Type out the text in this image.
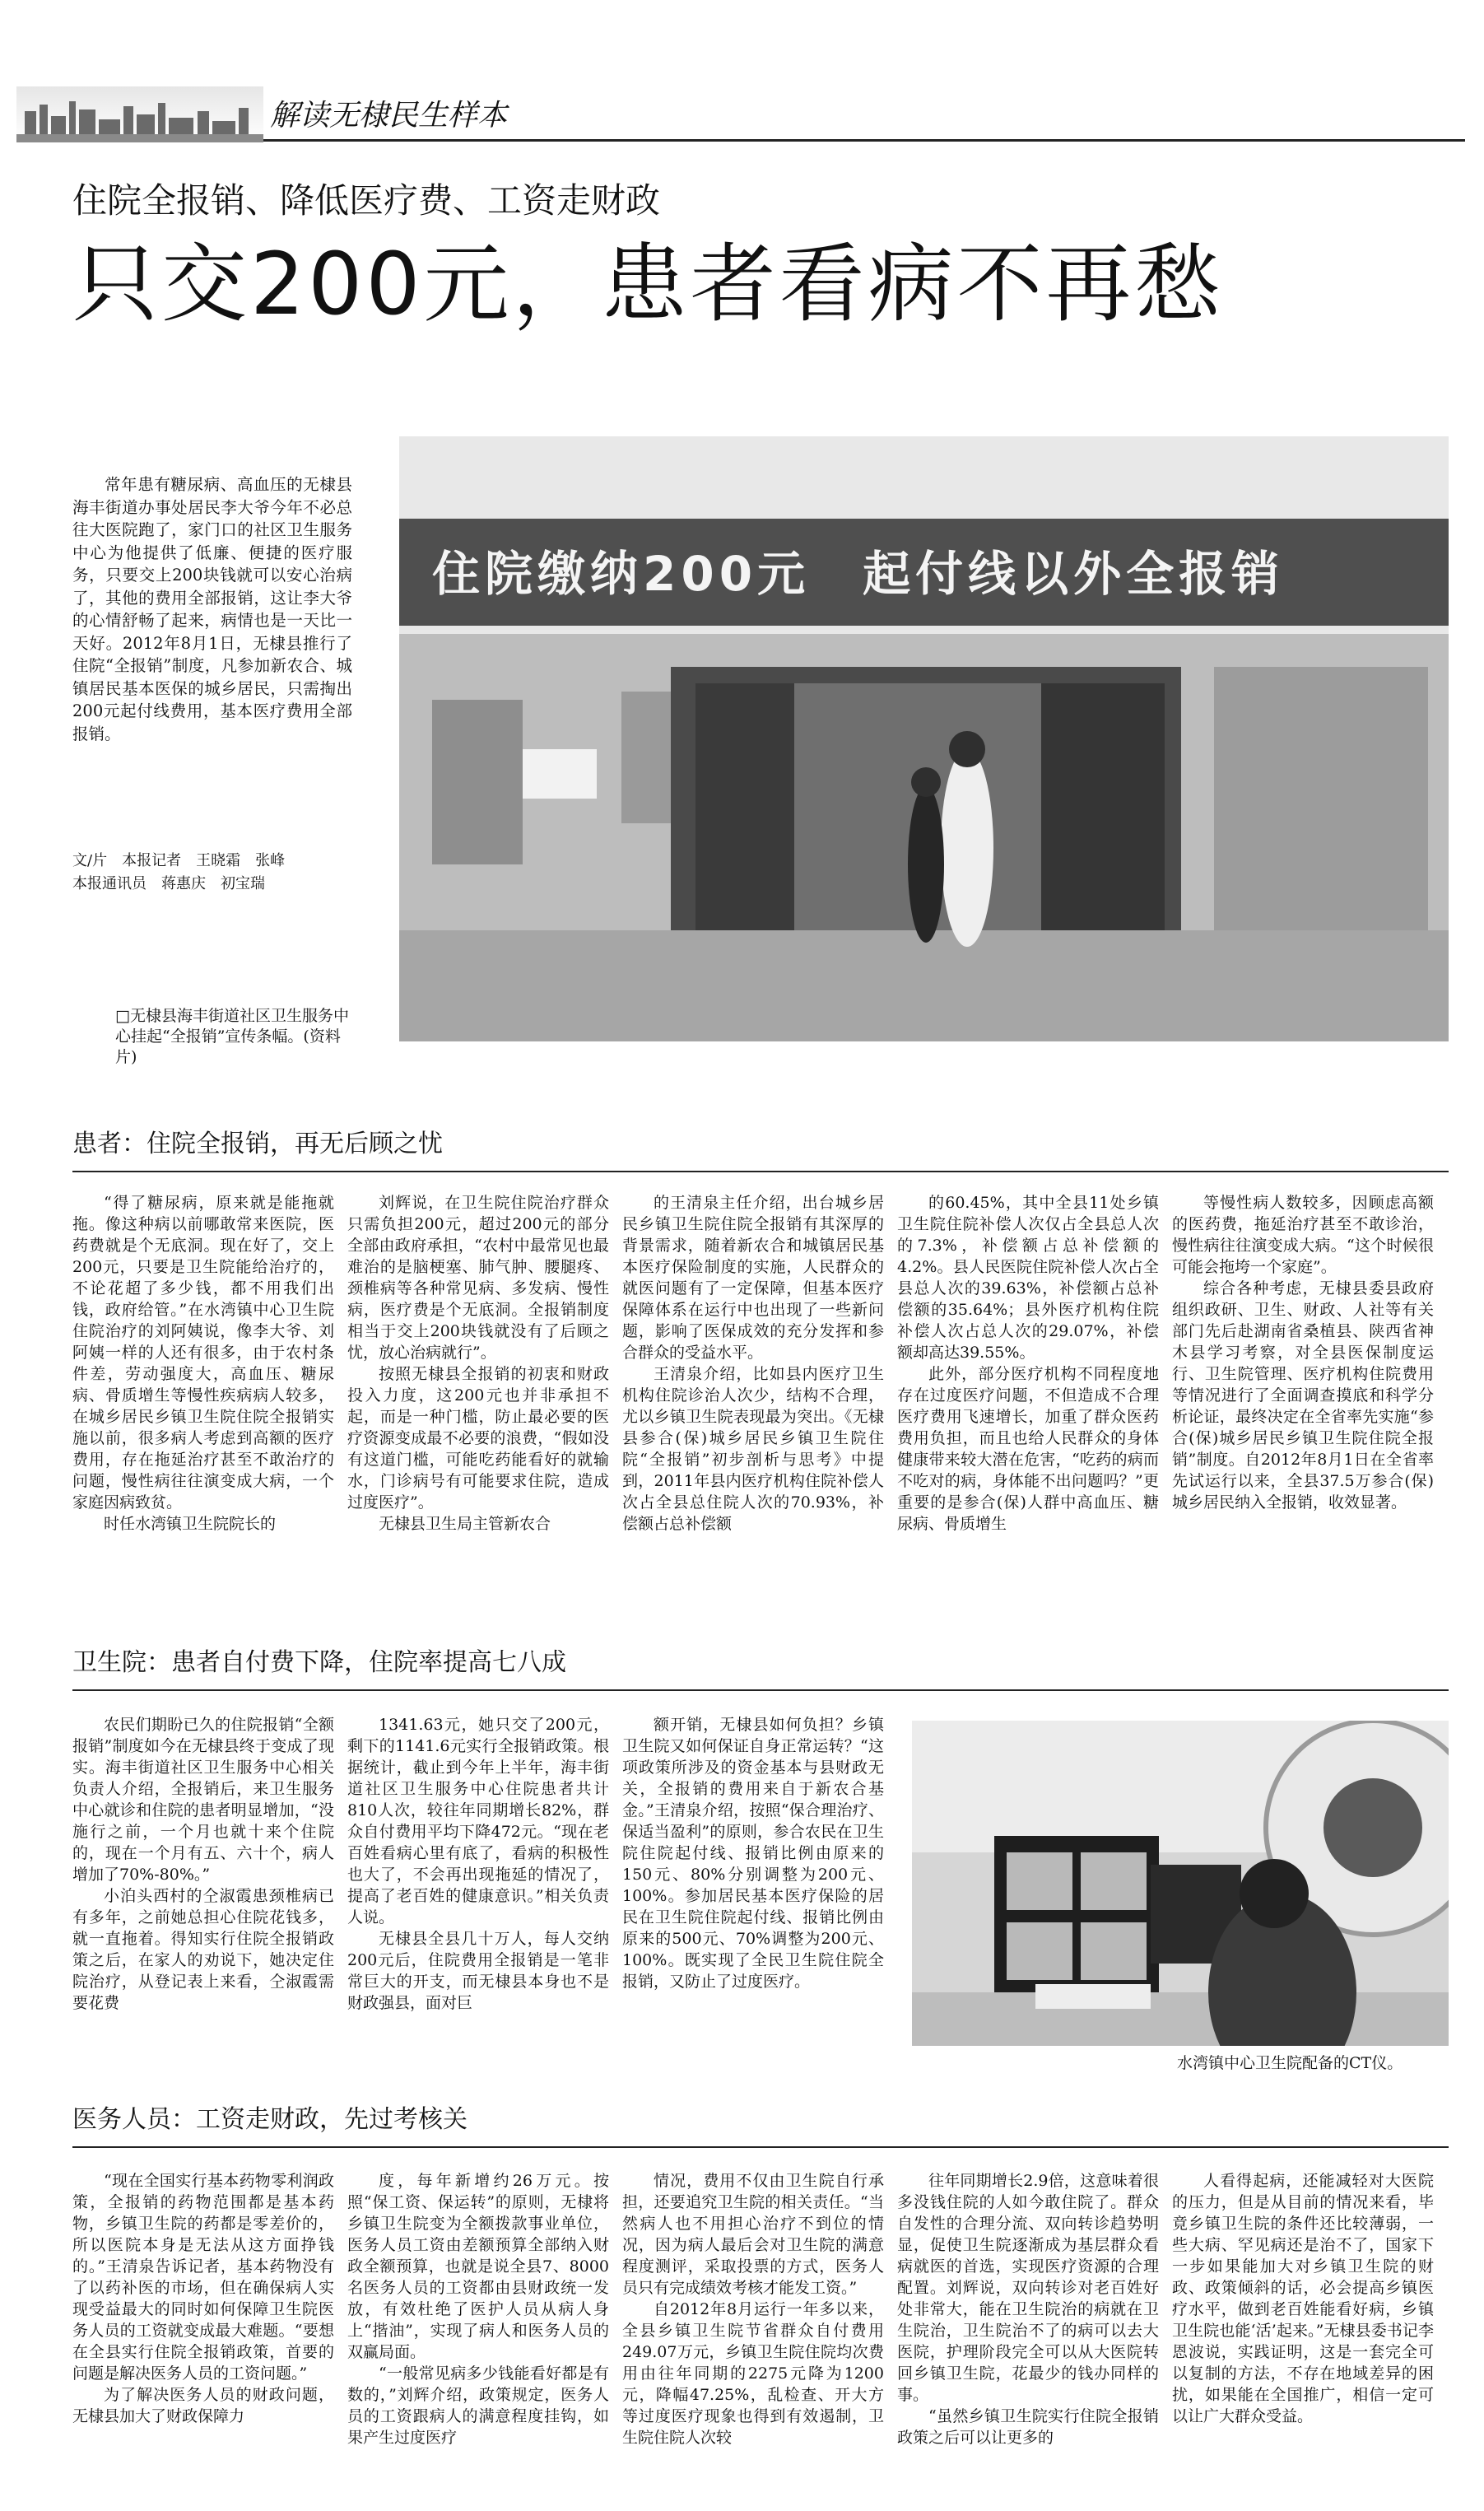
解读无棣民生样本
住院全报销、降低医疗费、工资走财政
只交200元，患者看病不再愁

常年患有糖尿病、高血压的无棣县海丰街道办事处居民李大爷今年不必总往大医院跑了，家门口的社区卫生服务中心为他提供了低廉、便捷的医疗服务，只要交上200块钱就可以安心治病了，其他的费用全部报销，这让李大爷的心情舒畅了起来，病情也是一天比一天好。2012年8月1日，无棣县推行了住院“全报销”制度，凡参加新农合、城镇居民基本医保的城乡居民，只需掏出200元起付线费用，基本医疗费用全部报销。

文/片　本报记者　王晓霜　张峰
本报通讯员　蒋惠庆　初宝瑞
住院缴纳200元　起付线以外全报销
□无棣县海丰街道社区卫生服务中心挂起“全报销”宣传条幅。(资料片)
患者：住院全报销，再无后顾之忧

“得了糖尿病，原来就是能拖就拖。像这种病以前哪敢常来医院，医药费就是个无底洞。现在好了，交上200元，只要是卫生院能给治疗的，不论花超了多少钱，都不用我们出钱，政府给管。”在水湾镇中心卫生院住院治疗的刘阿姨说，像李大爷、刘阿姨一样的人还有很多，由于农村条件差，劳动强度大，高血压、糖尿病、骨质增生等慢性疾病病人较多，在城乡居民乡镇卫生院住院全报销实施以前，很多病人考虑到高额的医疗费用，存在拖延治疗甚至不敢治疗的问题，慢性病往往演变成大病，一个家庭因病致贫。

时任水湾镇卫生院院长的

刘辉说，在卫生院住院治疗群众只需负担200元，超过200元的部分全部由政府承担，“农村中最常见也最难治的是脑梗塞、肺气肿、腰腿疼、颈椎病等各种常见病、多发病、慢性病，医疗费是个无底洞。全报销制度相当于交上200块钱就没有了后顾之忧，放心治病就行”。

按照无棣县全报销的初衷和财政投入力度，这200元也并非承担不起，而是一种门槛，防止最必要的医疗资源变成最不必要的浪费，“假如没有这道门槛，可能吃药能看好的就输水，门诊病号有可能要求住院，造成过度医疗”。

无棣县卫生局主管新农合

的王清泉主任介绍，出台城乡居民乡镇卫生院住院全报销有其深厚的背景需求，随着新农合和城镇居民基本医疗保险制度的实施，人民群众的就医问题有了一定保障，但基本医疗保障体系在运行中也出现了一些新问题，影响了医保成效的充分发挥和参合群众的受益水平。

王清泉介绍，比如县内医疗卫生机构住院诊治人次少，结构不合理，尤以乡镇卫生院表现最为突出。《无棣县参合(保)城乡居民乡镇卫生院住院“全报销”初步剖析与思考》中提到，2011年县内医疗机构住院补偿人次占全县总住院人次的70.93%，补偿额占总补偿额

的60.45%，其中全县11处乡镇卫生院住院补偿人次仅占全县总人次的7.3%，补偿额占总补偿额的4.2%。县人民医院住院补偿人次占全县总人次的39.63%，补偿额占总补偿额的35.64%；县外医疗机构住院补偿人次占总人次的29.07%，补偿额却高达39.55%。

此外，部分医疗机构不同程度地存在过度医疗问题，不但造成不合理医疗费用飞速增长，加重了群众医药费用负担，而且也给人民群众的身体健康带来较大潜在危害，“吃药的病而不吃对的病，身体能不出问题吗？”更重要的是参合(保)人群中高血压、糖尿病、骨质增生

等慢性病人数较多，因顾虑高额的医药费，拖延治疗甚至不敢诊治，慢性病往往演变成大病。“这个时候很可能会拖垮一个家庭”。

综合各种考虑，无棣县委县政府组织政研、卫生、财政、人社等有关部门先后赴湖南省桑植县、陕西省神木县学习考察，对全县医保制度运行、卫生院管理、医疗机构住院费用等情况进行了全面调查摸底和科学分析论证，最终决定在全省率先实施“参合(保)城乡居民乡镇卫生院住院全报销”制度。自2012年8月1日在全省率先试运行以来，全县37.5万参合(保)城乡居民纳入全报销，收效显著。

卫生院：患者自付费下降，住院率提高七八成

农民们期盼已久的住院报销“全额报销”制度如今在无棣县终于变成了现实。海丰街道社区卫生服务中心相关负责人介绍，全报销后，来卫生服务中心就诊和住院的患者明显增加，“没施行之前，一个月也就十来个住院的，现在一个月有五、六十个，病人增加了70%-80%。”

小泊头西村的仝淑霞患颈椎病已有多年，之前她总担心住院花钱多，就一直拖着。得知实行住院全报销政策之后，在家人的劝说下，她决定住院治疗，从登记表上来看，仝淑霞需要花费

1341.63元，她只交了200元，剩下的1141.6元实行全报销政策。根据统计，截止到今年上半年，海丰街道社区卫生服务中心住院患者共计810人次，较往年同期增长82%，群众自付费用平均下降472元。“现在老百姓看病心里有底了，看病的积极性也大了，不会再出现拖延的情况了，提高了老百姓的健康意识。”相关负责人说。

无棣县全县几十万人，每人交纳200元后，住院费用全报销是一笔非常巨大的开支，而无棣县本身也不是财政强县，面对巨

额开销，无棣县如何负担？乡镇卫生院又如何保证自身正常运转？“这项政策所涉及的资金基本与县财政无关，全报销的费用来自于新农合基金。”王清泉介绍，按照“保合理治疗、保适当盈利”的原则，参合农民在卫生院住院起付线、报销比例由原来的150元、80%分别调整为200元、100%。参加居民基本医疗保险的居民在卫生院住院起付线、报销比例由原来的500元、70%调整为200元、100%。既实现了全民卫生院住院全报销，又防止了过度医疗。

水湾镇中心卫生院配备的CT仪。
医务人员：工资走财政，先过考核关

“现在全国实行基本药物零利润政策，全报销的药物范围都是基本药物，乡镇卫生院的药都是零差价的，所以医院本身是无法从这方面挣钱的。”王清泉告诉记者，基本药物没有了以药补医的市场，但在确保病人实现受益最大的同时如何保障卫生院医务人员的工资就变成最大难题。“要想在全县实行住院全报销政策，首要的问题是解决医务人员的工资问题。”

为了解决医务人员的财政问题，无棣县加大了财政保障力

度，每年新增约26万元。按照“保工资、保运转”的原则，无棣将乡镇卫生院变为全额拨款事业单位，医务人员工资由差额预算全部纳入财政全额预算，也就是说全县7、8000名医务人员的工资都由县财政统一发放，有效杜绝了医护人员从病人身上“揩油”，实现了病人和医务人员的双赢局面。

“一般常见病多少钱能看好都是有数的，”刘辉介绍，政策规定，医务人员的工资跟病人的满意程度挂钩，如果产生过度医疗

情况，费用不仅由卫生院自行承担，还要追究卫生院的相关责任。“当然病人也不用担心治疗不到位的情况，因为病人最后会对卫生院的满意程度测评，采取投票的方式，医务人员只有完成绩效考核才能发工资。”

自2012年8月运行一年多以来，全县乡镇卫生院节省群众自付费用249.07万元，乡镇卫生院住院均次费用由往年同期的2275元降为1200元，降幅47.25%，乱检查、开大方等过度医疗现象也得到有效遏制，卫生院住院人次较

往年同期增长2.9倍，这意味着很多没钱住院的人如今敢住院了。群众自发性的合理分流、双向转诊趋势明显，促使卫生院逐渐成为基层群众看病就医的首选，实现医疗资源的合理配置。刘辉说，双向转诊对老百姓好处非常大，能在卫生院治的病就在卫生院治，卫生院治不了的病可以去大医院，护理阶段完全可以从大医院转回乡镇卫生院，花最少的钱办同样的事。

“虽然乡镇卫生院实行住院全报销政策之后可以让更多的

人看得起病，还能减轻对大医院的压力，但是从目前的情况来看，毕竟乡镇卫生院的条件还比较薄弱，一些大病、罕见病还是治不了，国家下一步如果能加大对乡镇卫生院的财政、政策倾斜的话，必会提高乡镇医疗水平，做到老百姓能看好病，乡镇卫生院也能‘活’起来。”无棣县委书记李恩波说，实践证明，这是一套完全可以复制的方法，不存在地域差异的困扰，如果能在全国推广，相信一定可以让广大群众受益。
